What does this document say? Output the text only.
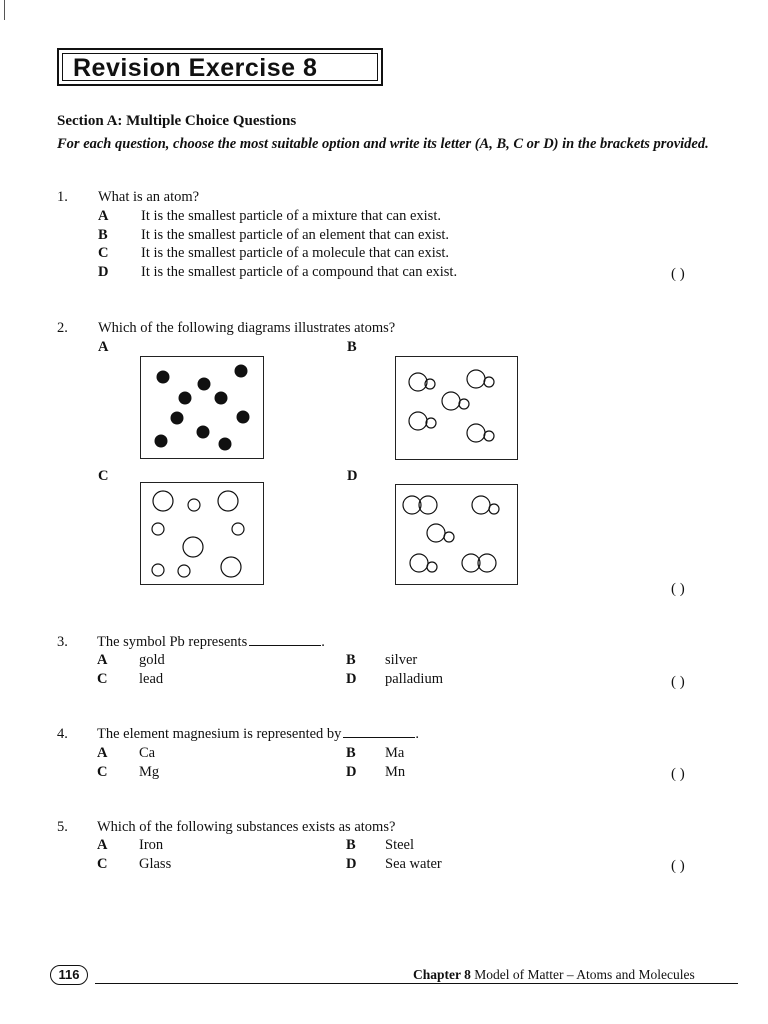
Revision Exercise 8
Section A: Multiple Choice Questions
For each question, choose the most suitable option and write its letter (A, B, C or D) in the brackets provided.
1. What is an atom?
A It is the smallest particle of a mixture that can exist.
B It is the smallest particle of an element that can exist.
C It is the smallest particle of a molecule that can exist.
D It is the smallest particle of a compound that can exist.	( )
2. Which of the following diagrams illustrates atoms?
A	B
C	D
( )
3. The symbol Pb represents	.
A gold	B silver
C lead	D palladium	( )
4. The element magnesium is represented by	.
A Ca	B Ma
C Mg	D Mn	( )
5. Which of the following substances exists as atoms?
A Iron	B Steel
C Glass	D Sea water	( )
116	Chapter 8 Model of Matter – Atoms and Molecules
